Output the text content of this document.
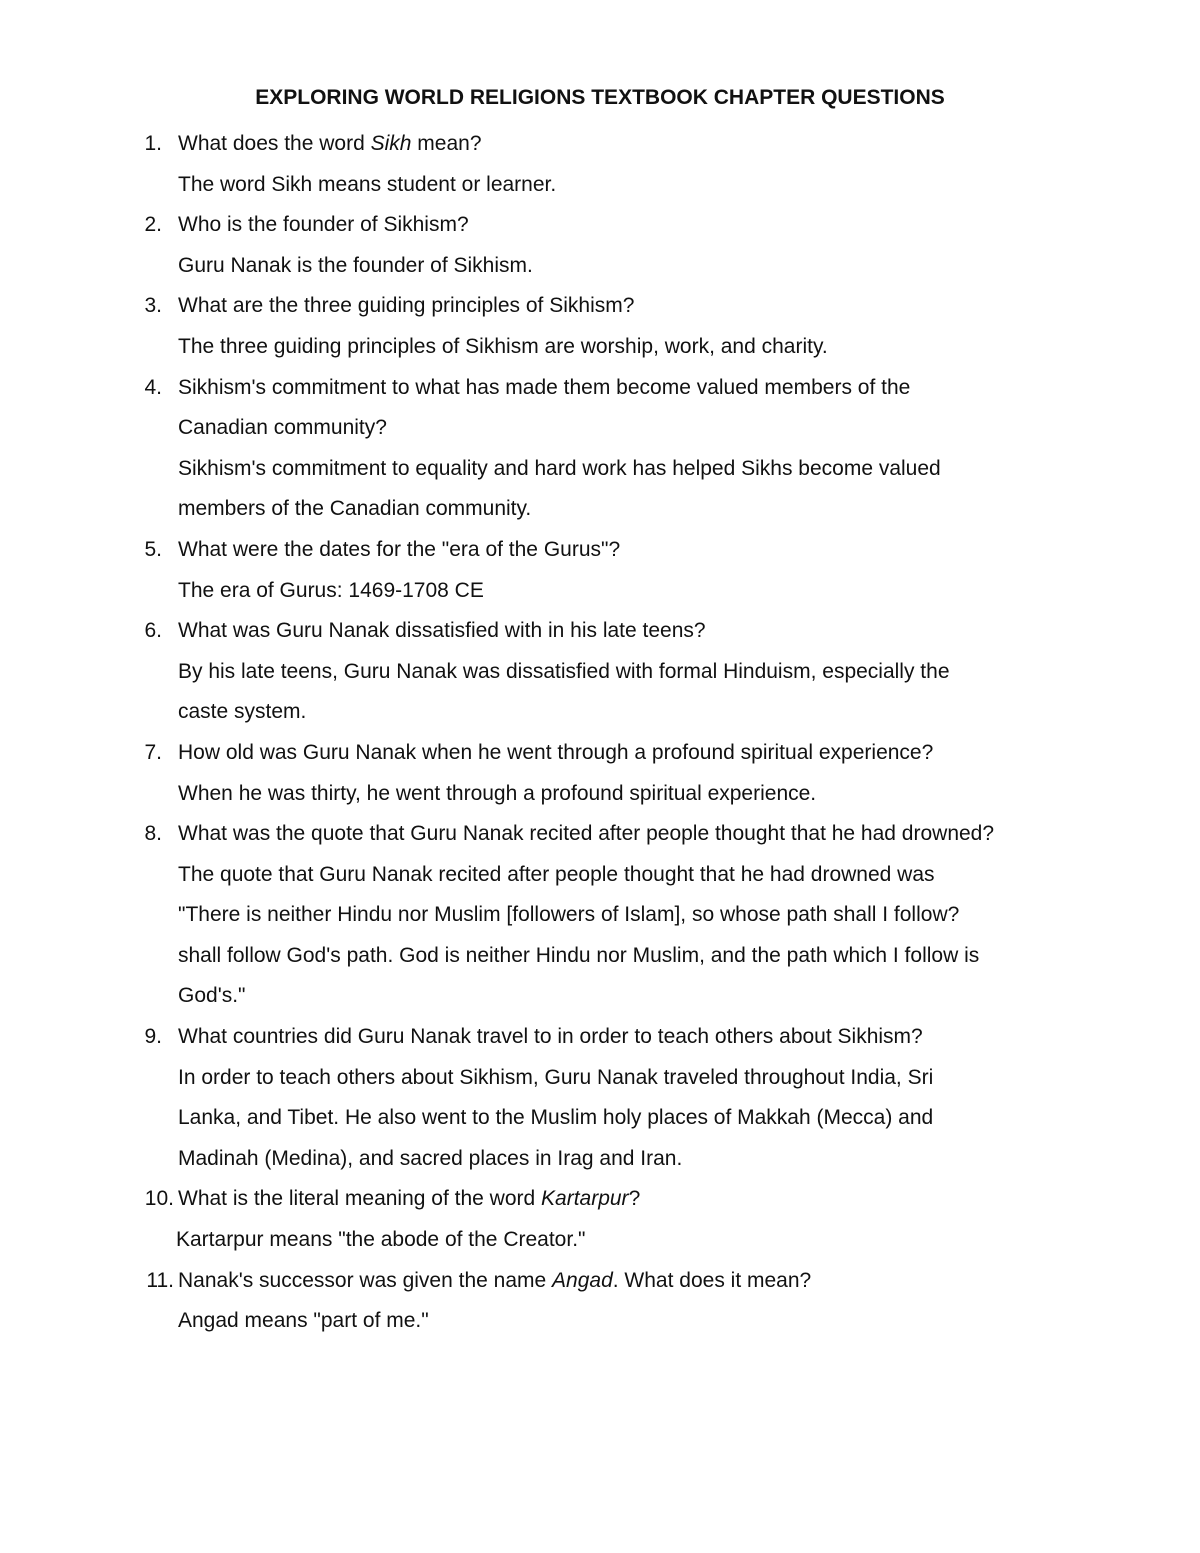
EXPLORING WORLD RELIGIONS TEXTBOOK CHAPTER QUESTIONS
1. What does the word Sikh mean?
The word Sikh means student or learner.
2. Who is the founder of Sikhism?
Guru Nanak is the founder of Sikhism.
3. What are the three guiding principles of Sikhism?
The three guiding principles of Sikhism are worship, work, and charity.
4. Sikhism's commitment to what has made them become valued members of the
Canadian community?
Sikhism's commitment to equality and hard work has helped Sikhs become valued
members of the Canadian community.
5. What were the dates for the "era of the Gurus"?
The era of Gurus: 1469-1708 CE
6. What was Guru Nanak dissatisfied with in his late teens?
By his late teens, Guru Nanak was dissatisfied with formal Hinduism, especially the
caste system.
7. How old was Guru Nanak when he went through a profound spiritual experience?
When he was thirty, he went through a profound spiritual experience.
8. What was the quote that Guru Nanak recited after people thought that he had drowned?
The quote that Guru Nanak recited after people thought that he had drowned was
"There is neither Hindu nor Muslim [followers of Islam], so whose path shall I follow?
shall follow God's path. God is neither Hindu nor Muslim, and the path which I follow is
God's."
9. What countries did Guru Nanak travel to in order to teach others about Sikhism?
In order to teach others about Sikhism, Guru Nanak traveled throughout India, Sri
Lanka, and Tibet. He also went to the Muslim holy places of Makkah (Mecca) and
Madinah (Medina), and sacred places in Irag and Iran.
10. What is the literal meaning of the word Kartarpur?
Kartarpur means "the abode of the Creator."
11. Nanak's successor was given the name Angad. What does it mean?
Angad means "part of me."
